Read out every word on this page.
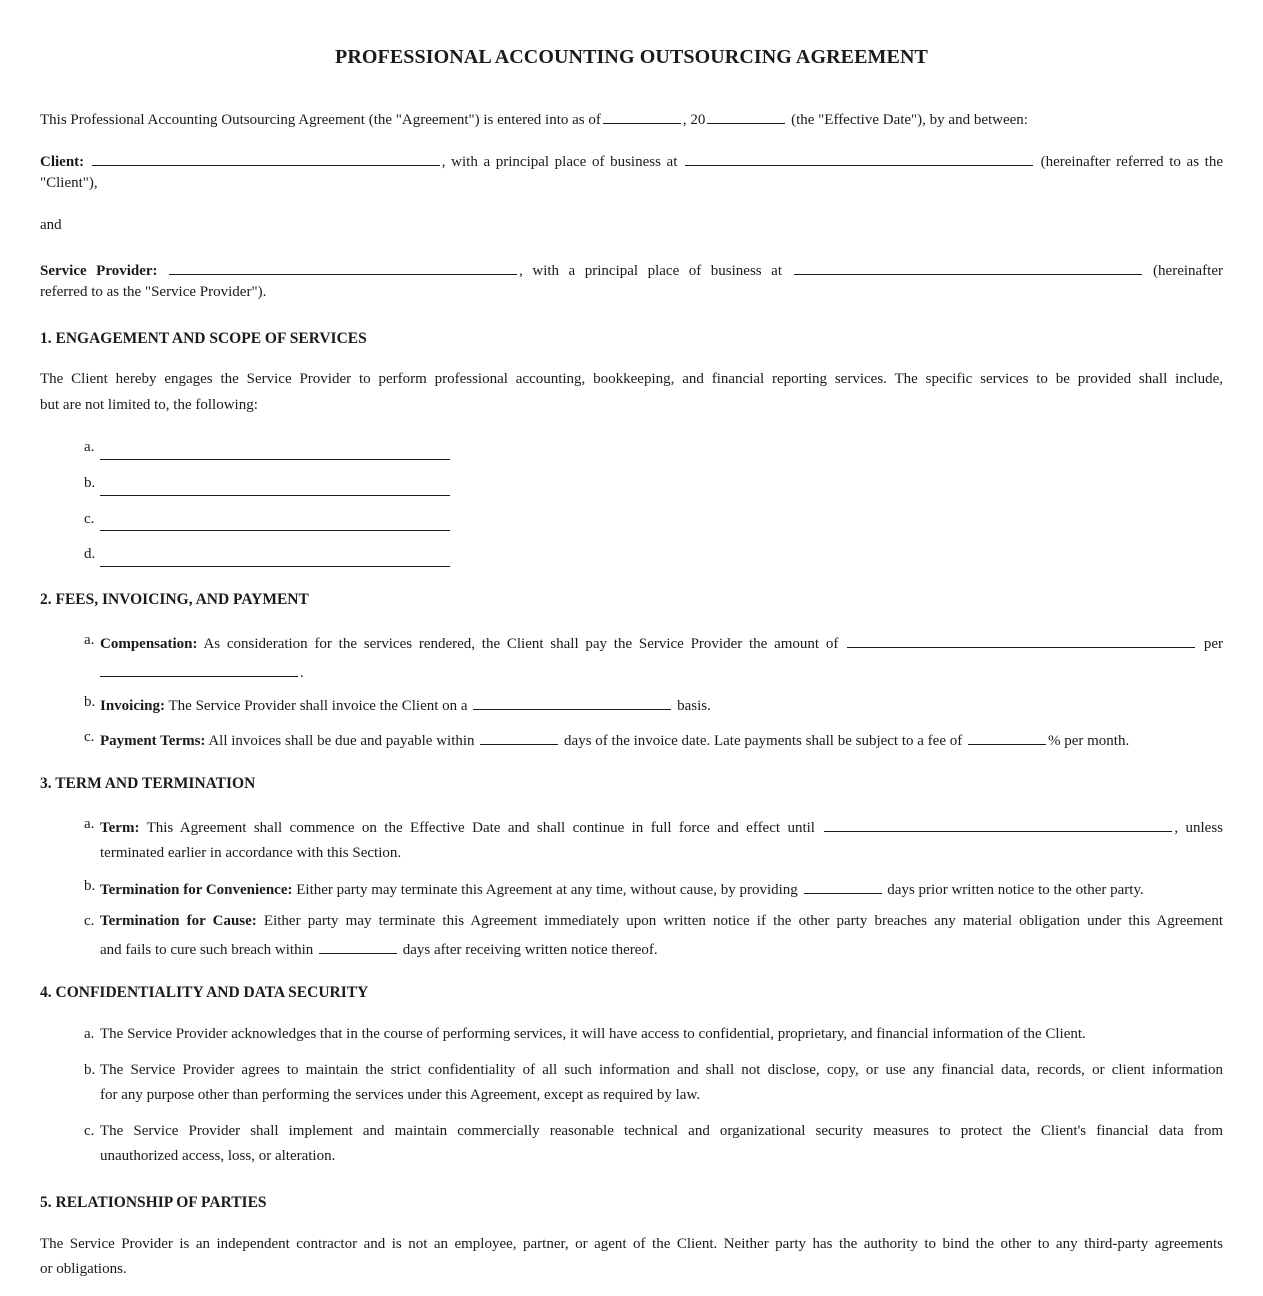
PROFESSIONAL ACCOUNTING OUTSOURCING AGREEMENT
This Professional Accounting Outsourcing Agreement (the "Agreement") is entered into as of	, 20	(the "Effective Date"), by and between:
Client:	, with a principal place of business at	(hereinafter referred to as the
"Client"),
and
Service Provider:	, with a principal place of business at	(hereinafter
referred to as the "Service Provider").
1. ENGAGEMENT AND SCOPE OF SERVICES
The Client hereby engages the Service Provider to perform professional accounting, bookkeeping, and financial reporting services. The specific services to be provided shall include,
but are not limited to, the following:
a.
b.
c.
d.
2. FEES, INVOICING, AND PAYMENT
a. Compensation: As consideration for the services rendered, the Client shall pay the Service Provider the amount of	per
.
b. Invoicing: The Service Provider shall invoice the Client on a	basis.
c. Payment Terms: All invoices shall be due and payable within	days of the invoice date. Late payments shall be subject to a fee of	% per month.
3. TERM AND TERMINATION
a. Term: This Agreement shall commence on the Effective Date and shall continue in full force and effect until	, unless
terminated earlier in accordance with this Section.
b. Termination for Convenience: Either party may terminate this Agreement at any time, without cause, by providing	days prior written notice to the other party.
c. Termination for Cause: Either party may terminate this Agreement immediately upon written notice if the other party breaches any material obligation under this Agreement
and fails to cure such breach within	days after receiving written notice thereof.
4. CONFIDENTIALITY AND DATA SECURITY
a. The Service Provider acknowledges that in the course of performing services, it will have access to confidential, proprietary, and financial information of the Client.
b. The Service Provider agrees to maintain the strict confidentiality of all such information and shall not disclose, copy, or use any financial data, records, or client information
for any purpose other than performing the services under this Agreement, except as required by law.
c. The Service Provider shall implement and maintain commercially reasonable technical and organizational security measures to protect the Client's financial data from
unauthorized access, loss, or alteration.
5. RELATIONSHIP OF PARTIES
The Service Provider is an independent contractor and is not an employee, partner, or agent of the Client. Neither party has the authority to bind the other to any third-party agreements
or obligations.
